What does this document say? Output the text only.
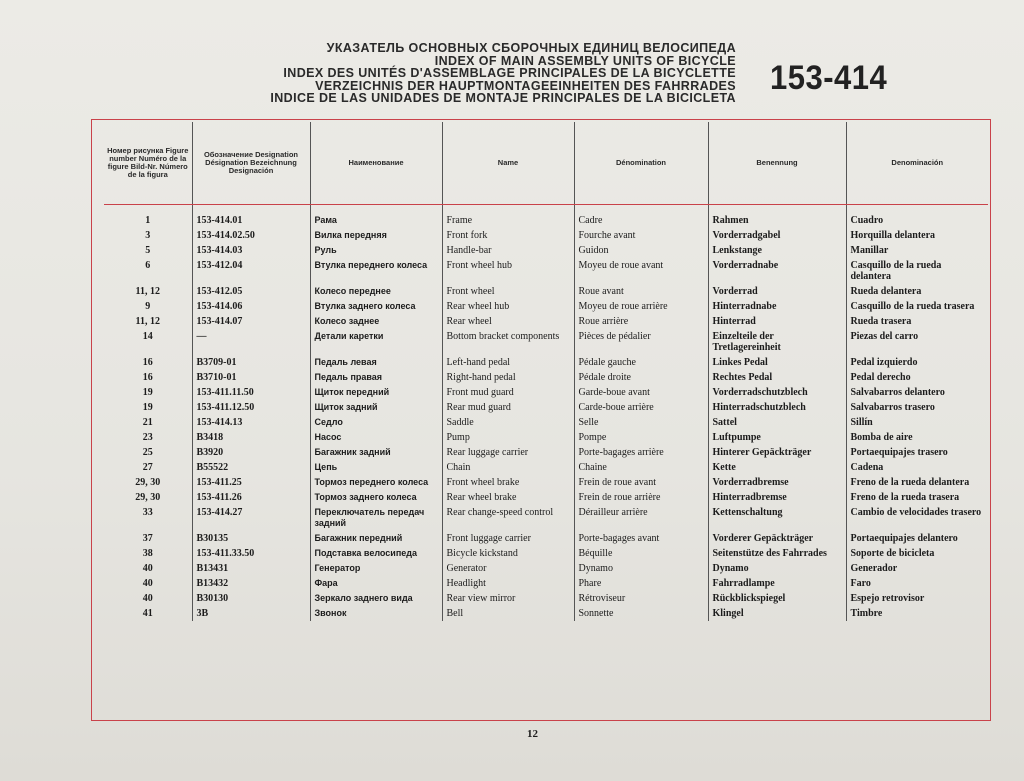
УКАЗАТЕЛЬ ОСНОВНЫХ СБОРОЧНЫХ ЕДИНИЦ ВЕЛОСИПЕДА
INDEX OF MAIN ASSEMBLY UNITS OF BICYCLE
INDEX DES UNITÉS D'ASSEMBLAGE PRINCIPALES DE LA BICYCLETTE
VERZEICHNIS DER HAUPTMONTAGEEINHEITEN DES FAHRRADES
INDICE DE LAS UNIDADES DE MONTAJE PRINCIPALES DE LA BICICLETA
153-414
Номер рисунка Figure number Numéro de la figure Bild-Nr. Número de la figura	Обозначение Designation Désignation Bezeichnung Designación	Наименование	Name	Dénomination	Benennung	Denominación
1	153-414.01	Рама	Frame	Cadre	Rahmen	Cuadro
3	153-414.02.50	Вилка передняя	Front fork	Fourche avant	Vorderradgabel	Horquilla delantera
5	153-414.03	Руль	Handle-bar	Guidon	Lenkstange	Manillar
6	153-412.04	Втулка переднего колеса	Front wheel hub	Moyeu de roue avant	Vorderradnabe	Casquillo de la rueda delantera
11, 12	153-412.05	Колесо переднее	Front wheel	Roue avant	Vorderrad	Rueda delantera
9	153-414.06	Втулка заднего колеса	Rear wheel hub	Moyeu de roue arrière	Hinterradnabe	Casquillo de la rueda trasera
11, 12	153-414.07	Колесо заднее	Rear wheel	Roue arrière	Hinterrad	Rueda trasera
14	—	Детали каретки	Bottom bracket components	Pièces de pédalier	Einzelteile der Tretlagereinheit	Piezas del carro
16	B3709-01	Педаль левая	Left-hand pedal	Pédale gauche	Linkes Pedal	Pedal izquierdo
16	B3710-01	Педаль правая	Right-hand pedal	Pédale droite	Rechtes Pedal	Pedal derecho
19	153-411.11.50	Щиток передний	Front mud guard	Garde-boue avant	Vorderradschutzblech	Salvabarros delantero
19	153-411.12.50	Щиток задний	Rear mud guard	Carde-boue arrière	Hinterradschutzblech	Salvabarros trasero
21	153-414.13	Седло	Saddle	Selle	Sattel	Sillín
23	B3418	Насос	Pump	Pompe	Luftpumpe	Bomba de aire
25	B3920	Багажник задний	Rear luggage carrier	Porte-bagages arrière	Hinterer Gepäckträger	Portaequipajes trasero
27	B55522	Цепь	Chain	Chaine	Kette	Cadena
29, 30	153-411.25	Тормоз переднего колеса	Front wheel brake	Frein de roue avant	Vorderradbremse	Freno de la rueda delantera
29, 30	153-411.26	Тормоз заднего колеса	Rear wheel brake	Frein de roue arrière	Hinterradbremse	Freno de la rueda trasera
33	153-414.27	Переключатель передач задний	Rear change-speed control	Dérailleur arrière	Kettenschaltung	Cambio de velocidades trasero
37	B30135	Багажник передний	Front luggage carrier	Porte-bagages avant	Vorderer Gepäckträger	Portaequipajes delantero
38	153-411.33.50	Подставка велосипеда	Bicycle kickstand	Béquille	Seitenstütze des Fahrrades	Soporte de bicicleta
40	B13431	Генератор	Generator	Dynamo	Dynamo	Generador
40	B13432	Фара	Headlight	Phare	Fahrradlampe	Faro
40	B30130	Зеркало заднего вида	Rear view mirror	Rétroviseur	Rückblickspiegel	Espejo retrovisor
41	3B	Звонок	Bell	Sonnette	Klingel	Timbre
12
